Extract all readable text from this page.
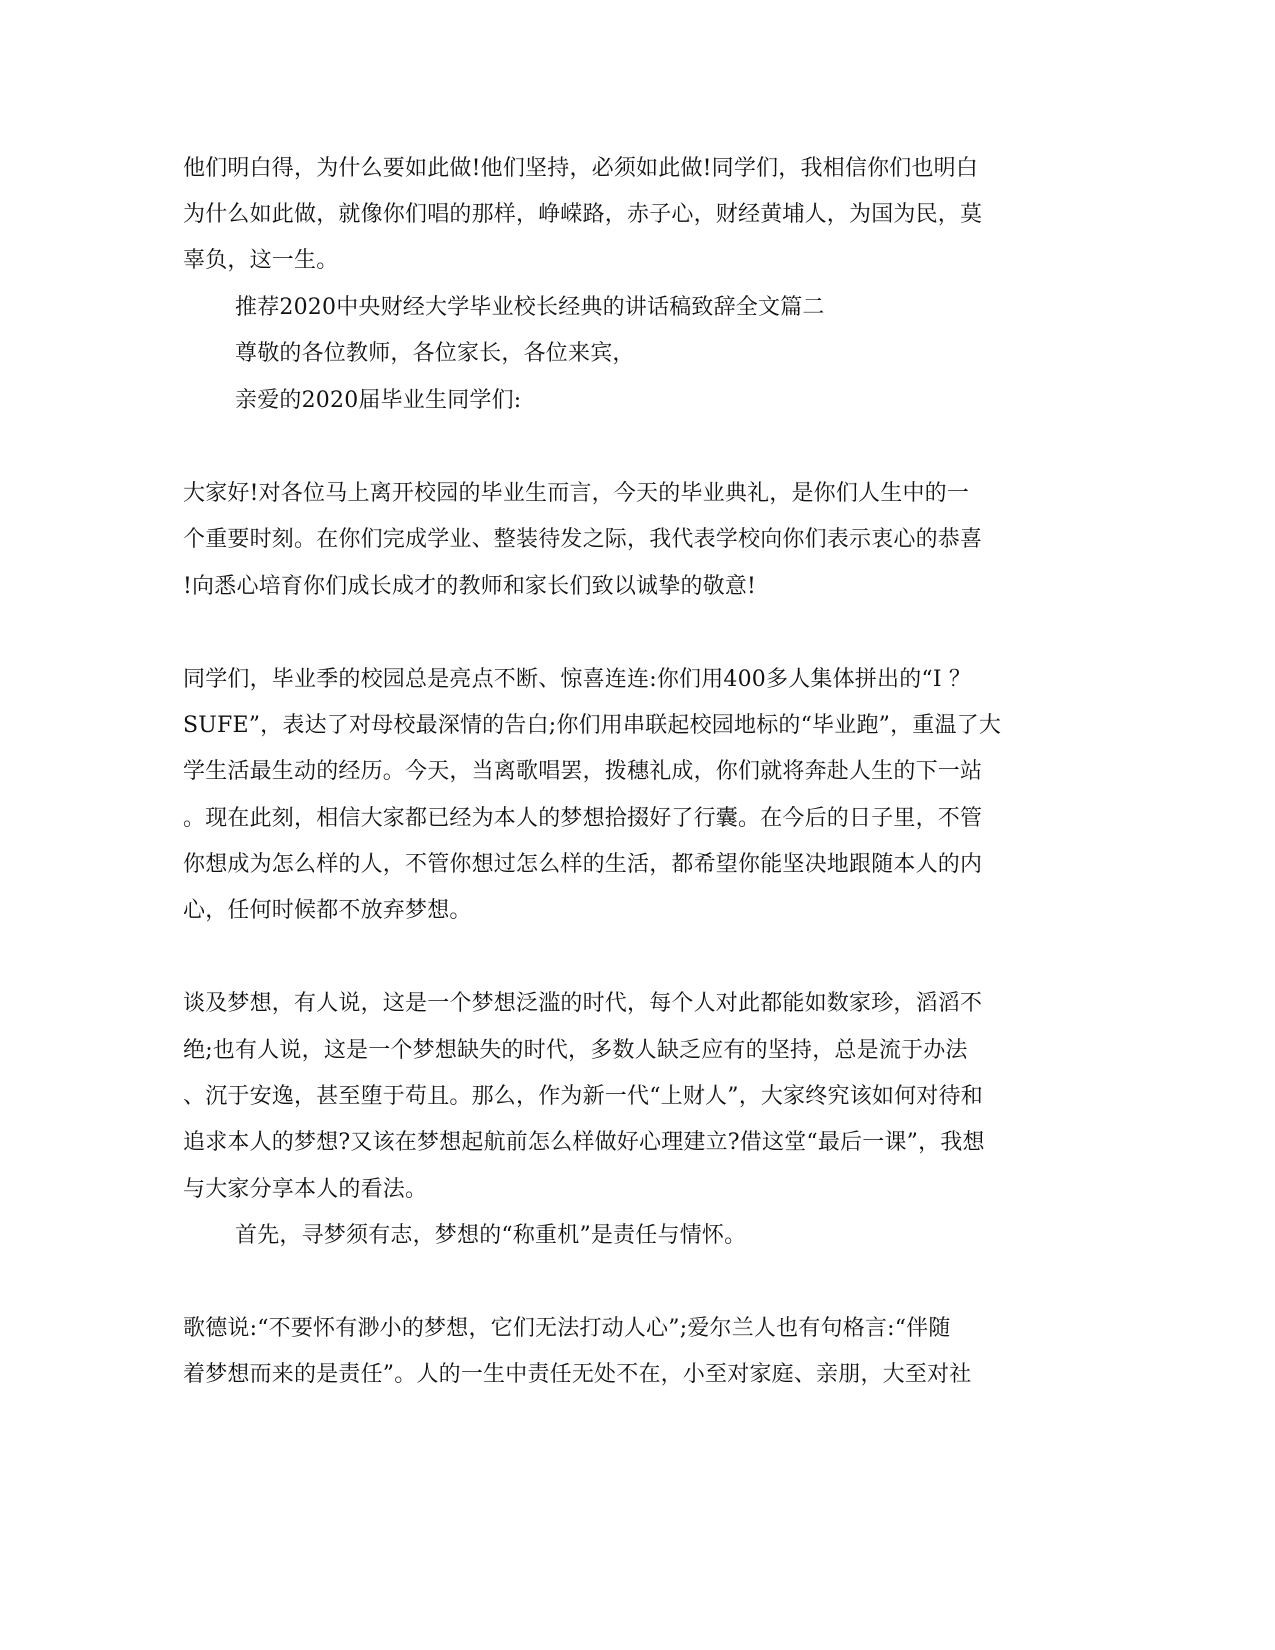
他们明白得，为什么要如此做!他们坚持，必须如此做!同学们，我相信你们也明白
为什么如此做，就像你们唱的那样，峥嵘路，赤子心，财经黄埔人，为国为民，莫
辜负，这一生。
推荐2020中央财经大学毕业校长经典的讲话稿致辞全文篇二
尊敬的各位教师，各位家长，各位来宾，
亲爱的2020届毕业生同学们:
大家好!对各位马上离开校园的毕业生而言，今天的毕业典礼，是你们人生中的一
个重要时刻。在你们完成学业、整装待发之际，我代表学校向你们表示衷心的恭喜
!向悉心培育你们成长成才的教师和家长们致以诚挚的敬意!
同学们，毕业季的校园总是亮点不断、惊喜连连:你们用400多人集体拼出的“I ？
SUFE”，表达了对母校最深情的告白;你们用串联起校园地标的“毕业跑”，重温了大
学生活最生动的经历。今天，当离歌唱罢，拨穗礼成，你们就将奔赴人生的下一站
。现在此刻，相信大家都已经为本人的梦想拾掇好了行囊。在今后的日子里，不管
你想成为怎么样的人，不管你想过怎么样的生活，都希望你能坚决地跟随本人的内
心，任何时候都不放弃梦想。
谈及梦想，有人说，这是一个梦想泛滥的时代，每个人对此都能如数家珍，滔滔不
绝;也有人说，这是一个梦想缺失的时代，多数人缺乏应有的坚持，总是流于办法
、沉于安逸，甚至堕于苟且。那么，作为新一代“上财人”，大家终究该如何对待和
追求本人的梦想?又该在梦想起航前怎么样做好心理建立?借这堂“最后一课”，我想
与大家分享本人的看法。
首先，寻梦须有志，梦想的“称重机”是责任与情怀。
歌德说:“不要怀有渺小的梦想，它们无法打动人心”;爱尔兰人也有句格言:“伴随
着梦想而来的是责任”。人的一生中责任无处不在，小至对家庭、亲朋，大至对社
